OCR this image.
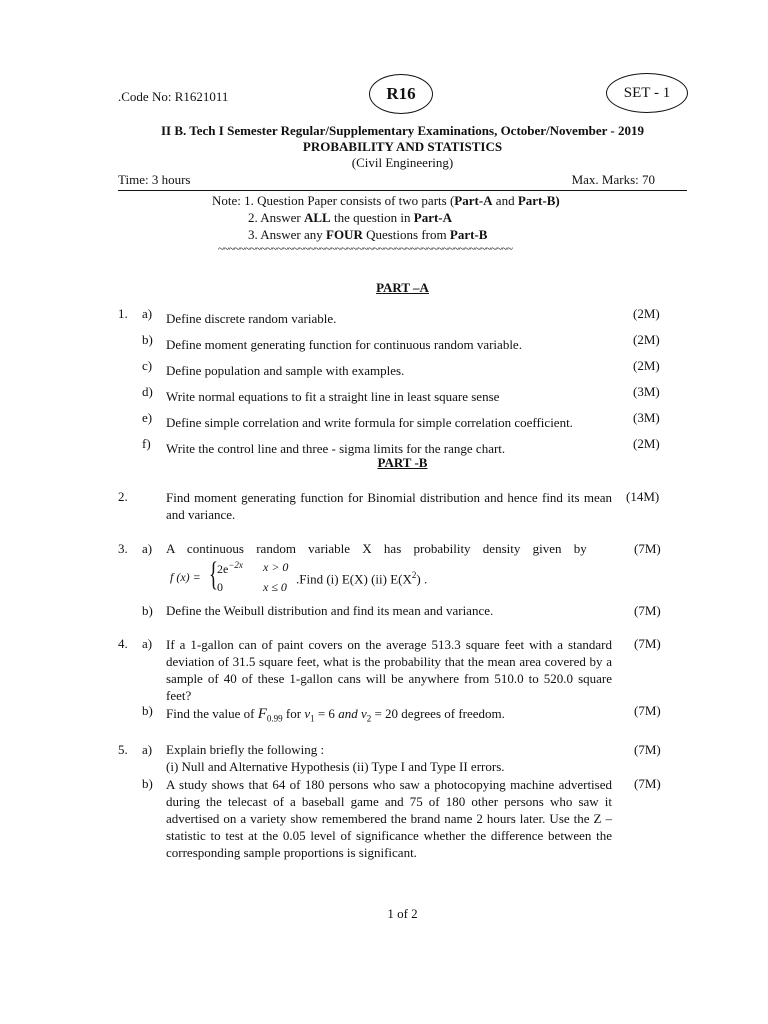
.Code No: R1621011	R16	SET - 1
II B. Tech I Semester Regular/Supplementary Examinations, October/November - 2019
PROBABILITY AND STATISTICS
(Civil Engineering)
Time: 3 hours	Max. Marks: 70
Note: 1. Question Paper consists of two parts (Part-A and Part-B)
2. Answer ALL the question in Part-A
3. Answer any FOUR Questions from Part-B
~~~~~~~~~~~~~~~~~~~~~~~~~~~~~~~~~~~~~~~~~~~~~~~~~~~~~~~
PART –A
1. a) Define discrete random variable.	(2M)
b) Define moment generating function for continuous random variable.	(2M)
c) Define population and sample with examples.	(2M)
d) Write normal equations to fit a straight line in least square sense	(3M)
e) Define simple correlation and write formula for simple correlation coefficient.	(3M)
f) Write the control line and three - sigma limits for the range chart.	(2M)
PART -B
2.	Find moment generating function for Binomial distribution and hence find its mean and variance.
(14M)
3. a) A continuous random variable X has probability density given by	(7M)
f (x) = { $2e^{-2x}$ x > 0
0	x ≤ 0
.Find (i) E(X) (ii) $E(X^2)$ .
b) Define the Weibull distribution and find its mean and variance.	(7M)
4. a) If a 1-gallon can of paint covers on the average 513.3 square feet with a standard deviation of 31.5 square feet, what is the probability that the mean area covered by a sample of 40 of these 1-gallon cans will be anywhere from 510.0 to 520.0 square feet?
(7M)
b) Find the value of $F_{0.99}$ for $\nu_1 = 6$ and $\nu_2 = 20$ degrees of freedom.	(7M)
5. a) Explain briefly the following :
(i) Null and Alternative Hypothesis (ii) Type I and Type II errors.
(7M)
b) A study shows that 64 of 180 persons who saw a photocopying machine advertised during the telecast of a baseball game and 75 of 180 other persons who saw it advertised on a variety show remembered the brand name 2 hours later. Use the Z – statistic to test at the 0.05 level of significance whether the difference between the corresponding sample proportions is significant.
(7M)
1 of 2
